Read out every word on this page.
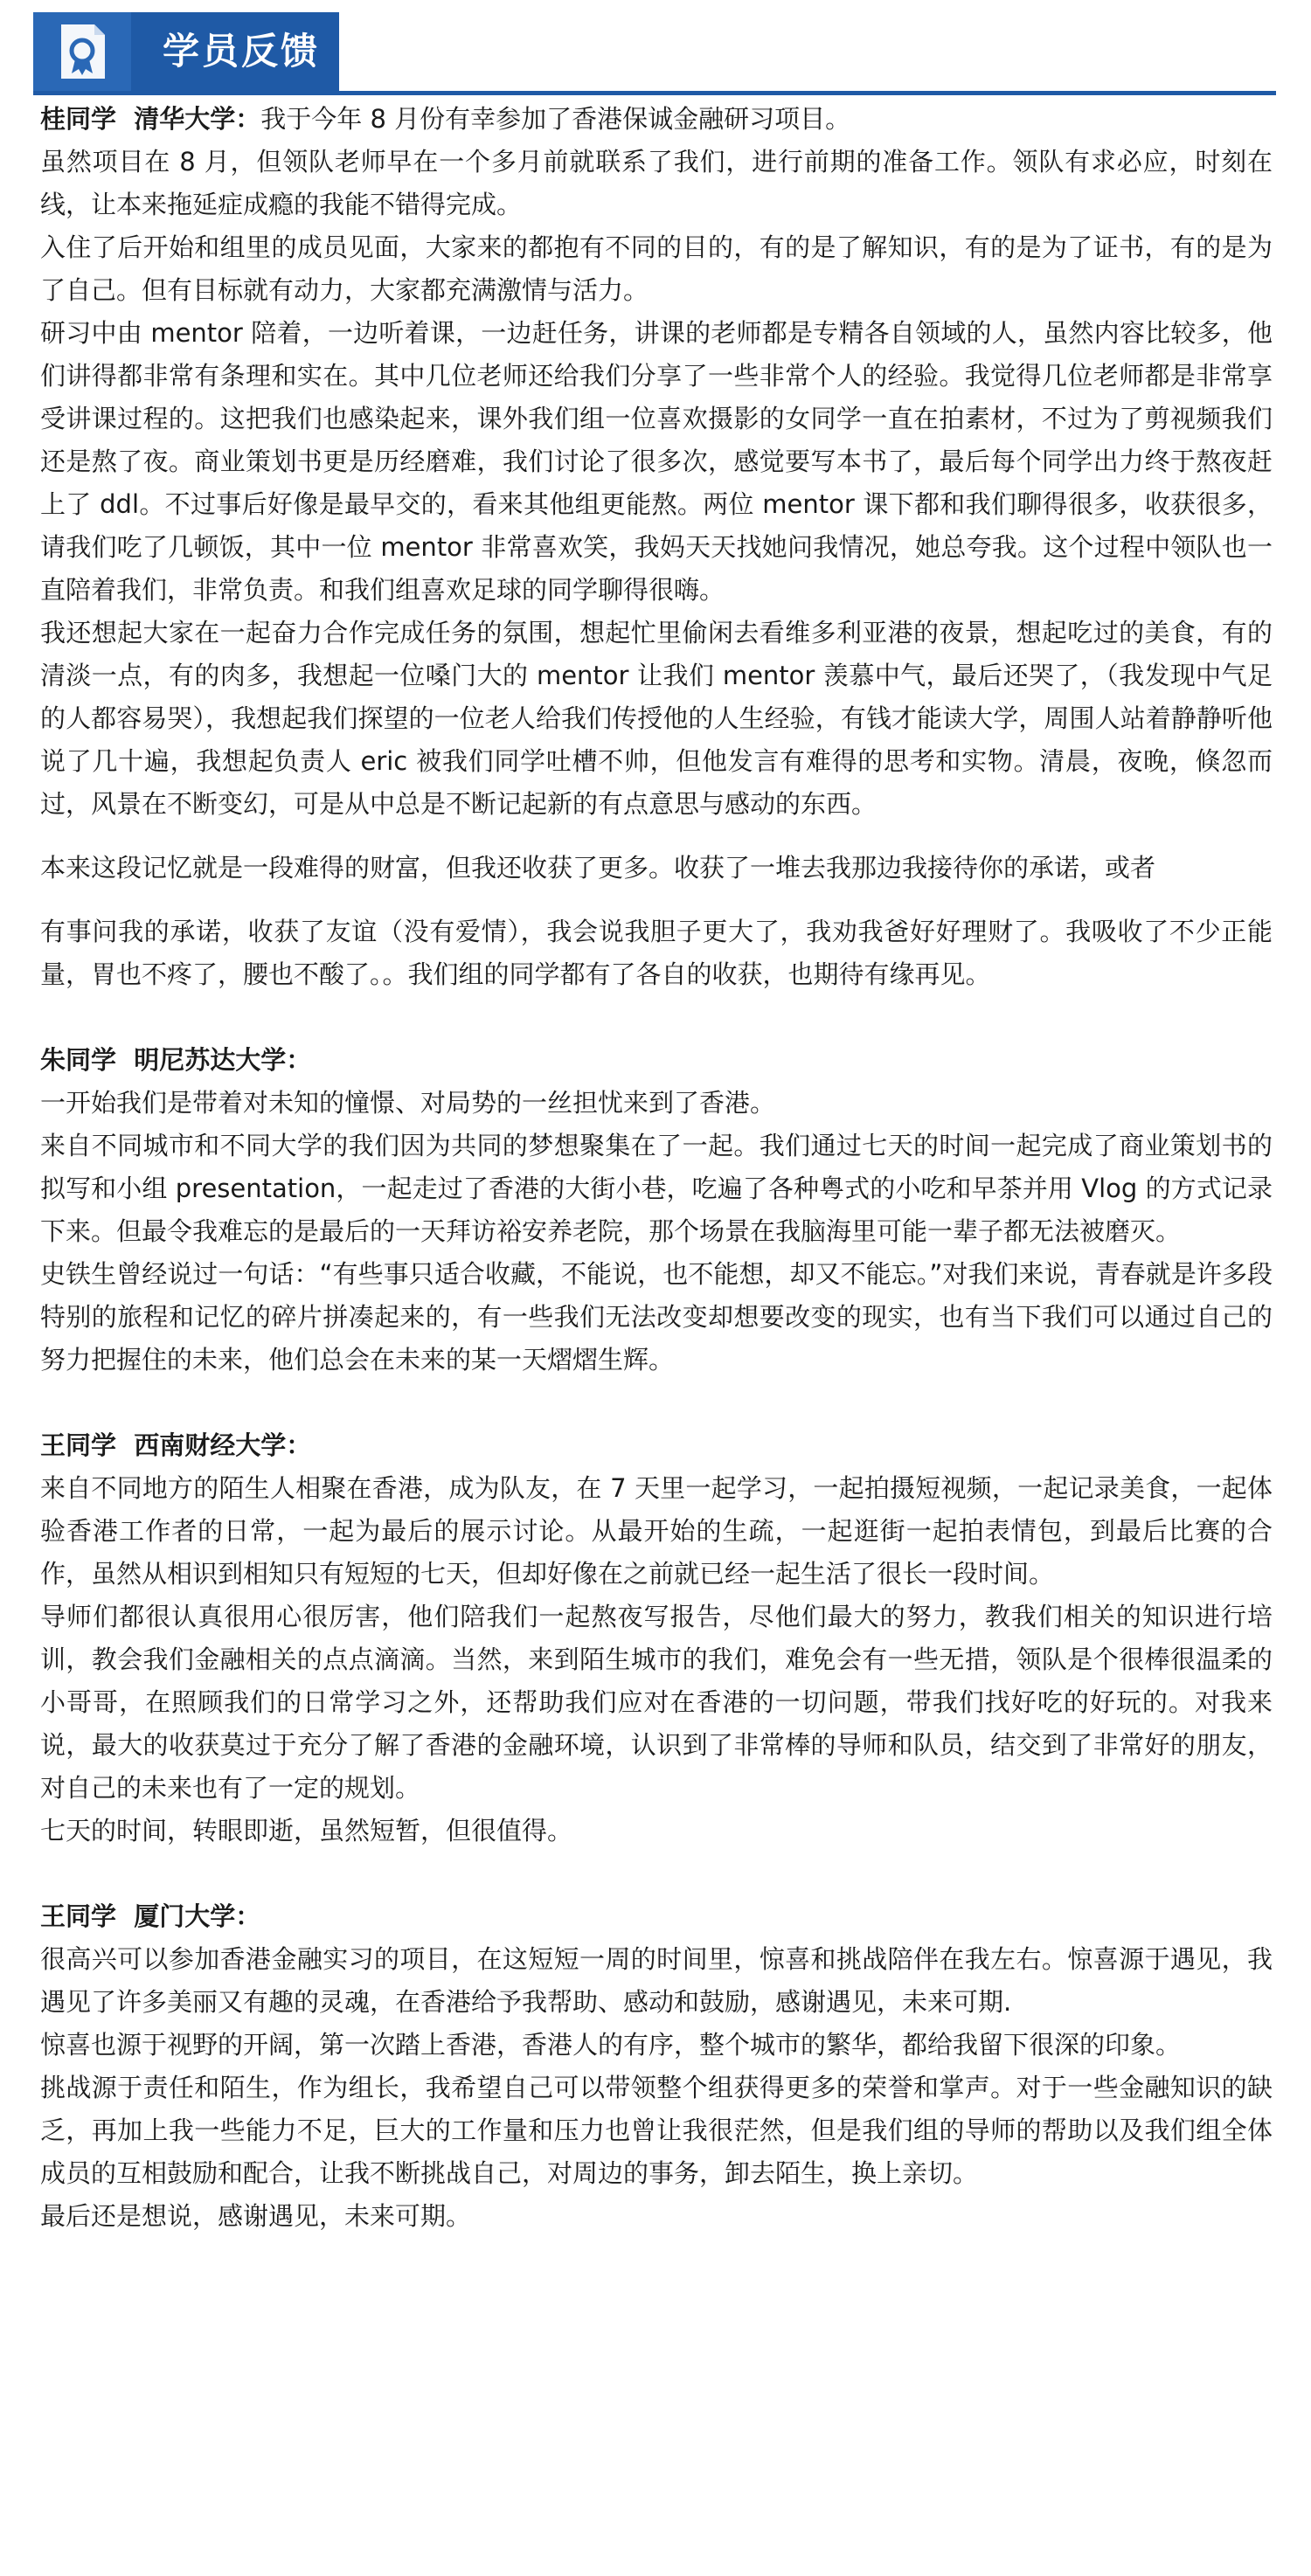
学员反馈

桂同学 清华大学：我于今年 8 月份有幸参加了香港保诚金融研习项目。

虽然项目在 8 月，但领队老师早在一个多月前就联系了我们，进行前期的准备工作。领队有求必应，时刻在线，让本来拖延症成瘾的我能不错得完成。

入住了后开始和组里的成员见面，大家来的都抱有不同的目的，有的是了解知识，有的是为了证书，有的是为了自己。但有目标就有动力，大家都充满激情与活力。

研习中由 mentor 陪着，一边听着课，一边赶任务，讲课的老师都是专精各自领域的人，虽然内容比较多，他们讲得都非常有条理和实在。其中几位老师还给我们分享了一些非常个人的经验。我觉得几位老师都是非常享受讲课过程的。这把我们也感染起来，课外我们组一位喜欢摄影的女同学一直在拍素材，不过为了剪视频我们还是熬了夜。商业策划书更是历经磨难，我们讨论了很多次，感觉要写本书了，最后每个同学出力终于熬夜赶上了 ddl。不过事后好像是最早交的，看来其他组更能熬。两位 mentor 课下都和我们聊得很多，收获很多，请我们吃了几顿饭，其中一位 mentor 非常喜欢笑，我妈天天找她问我情况，她总夸我。这个过程中领队也一直陪着我们，非常负责。和我们组喜欢足球的同学聊得很嗨。

我还想起大家在一起奋力合作完成任务的氛围，想起忙里偷闲去看维多利亚港的夜景，想起吃过的美食，有的清淡一点，有的肉多，我想起一位嗓门大的 mentor 让我们 mentor 羡慕中气，最后还哭了，（我发现中气足的人都容易哭），我想起我们探望的一位老人给我们传授他的人生经验，有钱才能读大学，周围人站着静静听他说了几十遍，我想起负责人 eric 被我们同学吐槽不帅，但他发言有难得的思考和实物。清晨，夜晚，倏忽而过，风景在不断变幻，可是从中总是不断记起新的有点意思与感动的东西。

本来这段记忆就是一段难得的财富，但我还收获了更多。收获了一堆去我那边我接待你的承诺，或者

有事问我的承诺，收获了友谊（没有爱情），我会说我胆子更大了，我劝我爸好好理财了。我吸收了不少正能量，胃也不疼了，腰也不酸了。。我们组的同学都有了各自的收获，也期待有缘再见。

朱同学 明尼苏达大学：

一开始我们是带着对未知的憧憬、对局势的一丝担忧来到了香港。

来自不同城市和不同大学的我们因为共同的梦想聚集在了一起。我们通过七天的时间一起完成了商业策划书的拟写和小组 presentation，一起走过了香港的大街小巷，吃遍了各种粤式的小吃和早茶并用 Vlog 的方式记录下来。但最令我难忘的是最后的一天拜访裕安养老院，那个场景在我脑海里可能一辈子都无法被磨灭。

史铁生曾经说过一句话：“有些事只适合收藏，不能说，也不能想，却又不能忘。”对我们来说，青春就是许多段特别的旅程和记忆的碎片拼凑起来的，有一些我们无法改变却想要改变的现实，也有当下我们可以通过自己的努力把握住的未来，他们总会在未来的某一天熠熠生辉。

王同学 西南财经大学：

来自不同地方的陌生人相聚在香港，成为队友，在 7 天里一起学习，一起拍摄短视频，一起记录美食，一起体验香港工作者的日常，一起为最后的展示讨论。从最开始的生疏，一起逛街一起拍表情包，到最后比赛的合作，虽然从相识到相知只有短短的七天，但却好像在之前就已经一起生活了很长一段时间。

导师们都很认真很用心很厉害，他们陪我们一起熬夜写报告，尽他们最大的努力，教我们相关的知识进行培训，教会我们金融相关的点点滴滴。当然，来到陌生城市的我们，难免会有一些无措，领队是个很棒很温柔的小哥哥，在照顾我们的日常学习之外，还帮助我们应对在香港的一切问题，带我们找好吃的好玩的。对我来说，最大的收获莫过于充分了解了香港的金融环境，认识到了非常棒的导师和队员，结交到了非常好的朋友，对自己的未来也有了一定的规划。

七天的时间，转眼即逝，虽然短暂，但很值得。

王同学 厦门大学：

很高兴可以参加香港金融实习的项目，在这短短一周的时间里，惊喜和挑战陪伴在我左右。惊喜源于遇见，我遇见了许多美丽又有趣的灵魂，在香港给予我帮助、感动和鼓励，感谢遇见，未来可期.

惊喜也源于视野的开阔，第一次踏上香港，香港人的有序，整个城市的繁华，都给我留下很深的印象。

挑战源于责任和陌生，作为组长，我希望自己可以带领整个组获得更多的荣誉和掌声。对于一些金融知识的缺乏，再加上我一些能力不足，巨大的工作量和压力也曾让我很茫然，但是我们组的导师的帮助以及我们组全体成员的互相鼓励和配合，让我不断挑战自己，对周边的事务，卸去陌生，换上亲切。

最后还是想说，感谢遇见，未来可期。
